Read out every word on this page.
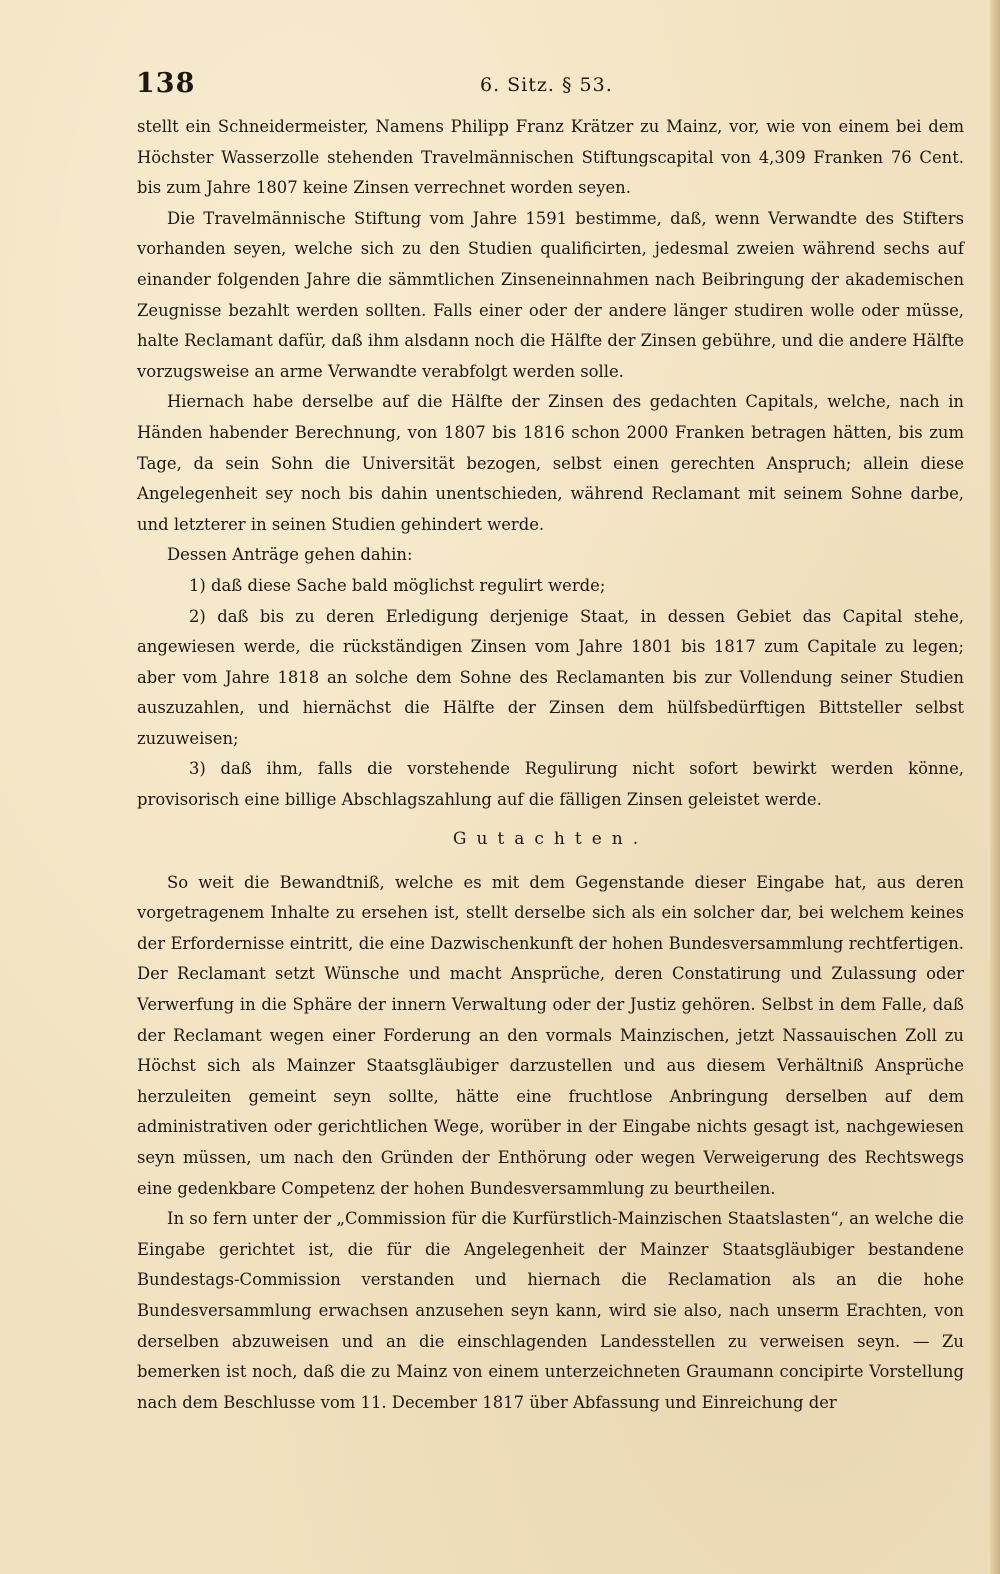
138	6. Sitz. § 53.

stellt ein Schneidermeister, Namens Philipp Franz Krätzer zu Mainz, vor, wie von einem bei dem Höchster Wasserzolle stehenden Travelmännischen Stiftungscapital von 4,309 Franken 76 Cent. bis zum Jahre 1807 keine Zinsen verrechnet worden seyen.

Die Travelmännische Stiftung vom Jahre 1591 bestimme, daß, wenn Verwandte des Stifters vorhanden seyen, welche sich zu den Studien qualificirten, jedesmal zweien während sechs auf einander folgenden Jahre die sämmtlichen Zinseneinnahmen nach Beibringung der akademischen Zeugnisse bezahlt werden sollten. Falls einer oder der andere länger studiren wolle oder müsse, halte Reclamant dafür, daß ihm alsdann noch die Hälfte der Zinsen gebühre, und die andere Hälfte vorzugsweise an arme Verwandte verabfolgt werden solle.

Hiernach habe derselbe auf die Hälfte der Zinsen des gedachten Capitals, welche, nach in Händen habender Berechnung, von 1807 bis 1816 schon 2000 Franken betragen hätten, bis zum Tage, da sein Sohn die Universität bezogen, selbst einen gerechten Anspruch; allein diese Angelegenheit sey noch bis dahin unentschieden, während Reclamant mit seinem Sohne darbe, und letzterer in seinen Studien gehindert werde.

Dessen Anträge gehen dahin:

1) daß diese Sache bald möglichst regulirt werde;

2) daß bis zu deren Erledigung derjenige Staat, in dessen Gebiet das Capital stehe, angewiesen werde, die rückständigen Zinsen vom Jahre 1801 bis 1817 zum Capitale zu legen; aber vom Jahre 1818 an solche dem Sohne des Reclamanten bis zur Vollendung seiner Studien auszuzahlen, und hiernächst die Hälfte der Zinsen dem hülfsbedürftigen Bittsteller selbst zuzuweisen;

3) daß ihm, falls die vorstehende Regulirung nicht sofort bewirkt werden könne, provisorisch eine billige Abschlagszahlung auf die fälligen Zinsen geleistet werde.

Gutachten.

So weit die Bewandtniß, welche es mit dem Gegenstande dieser Eingabe hat, aus deren vorgetragenem Inhalte zu ersehen ist, stellt derselbe sich als ein solcher dar, bei welchem keines der Erfordernisse eintritt, die eine Dazwischenkunft der hohen Bundesversammlung rechtfertigen. Der Reclamant setzt Wünsche und macht Ansprüche, deren Constatirung und Zulassung oder Verwerfung in die Sphäre der innern Verwaltung oder der Justiz gehören. Selbst in dem Falle, daß der Reclamant wegen einer Forderung an den vormals Mainzischen, jetzt Nassauischen Zoll zu Höchst sich als Mainzer Staatsgläubiger darzustellen und aus diesem Verhältniß Ansprüche herzuleiten gemeint seyn sollte, hätte eine fruchtlose Anbringung derselben auf dem administrativen oder gerichtlichen Wege, worüber in der Eingabe nichts gesagt ist, nachgewiesen seyn müssen, um nach den Gründen der Enthörung oder wegen Verweigerung des Rechtswegs eine gedenkbare Competenz der hohen Bundesversammlung zu beurtheilen.

In so fern unter der „Commission für die Kurfürstlich-Mainzischen Staatslasten“, an welche die Eingabe gerichtet ist, die für die Angelegenheit der Mainzer Staatsgläubiger bestandene Bundestags-Commission verstanden und hiernach die Reclamation als an die hohe Bundesversammlung erwachsen anzusehen seyn kann, wird sie also, nach unserm Erachten, von derselben abzuweisen und an die einschlagenden Landesstellen zu verweisen seyn. — Zu bemerken ist noch, daß die zu Mainz von einem unterzeichneten Graumann concipirte Vorstellung nach dem Beschlusse vom 11. December 1817 über Abfassung und Einreichung der
